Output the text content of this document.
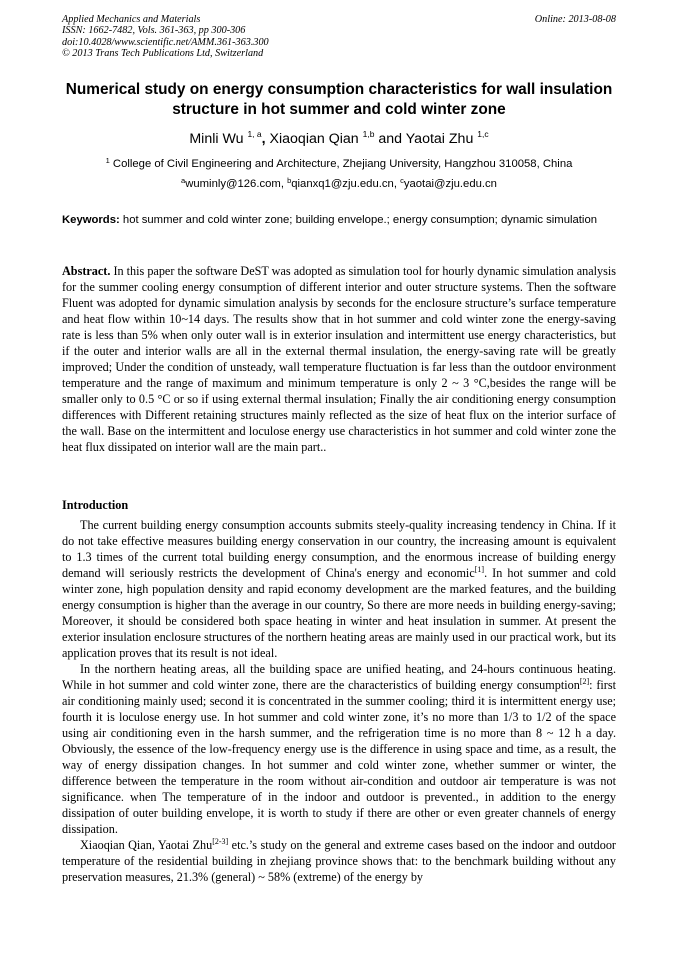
Applied Mechanics and Materials
ISSN: 1662-7482, Vols. 361-363, pp 300-306
doi:10.4028/www.scientific.net/AMM.361-363.300
© 2013 Trans Tech Publications Ltd, Switzerland
Online: 2013-08-08
Numerical study on energy consumption characteristics for wall insulation structure in hot summer and cold winter zone
Minli Wu $^{1, a}$, Xiaoqian Qian $^{1,b}$ and Yaotai Zhu $^{1,c}$
$^1$ College of Civil Engineering and Architecture, Zhejiang University, Hangzhou 310058, China
$^a$wuminly@126.com, $^b$qianxq1@zju.edu.cn, $^c$yaotai@zju.edu.cn
Keywords: hot summer and cold winter zone; building envelope.; energy consumption; dynamic simulation
Abstract. In this paper the software DeST was adopted as simulation tool for hourly dynamic simulation analysis for the summer cooling energy consumption of different interior and outer structure systems. Then the software Fluent was adopted for dynamic simulation analysis by seconds for the enclosure structure’s surface temperature and heat flow within 10~14 days. The results show that in hot summer and cold winter zone the energy-saving rate is less than 5% when only outer wall is in exterior insulation and intermittent use energy characteristics, but if the outer and interior walls are all in the external thermal insulation, the energy-saving rate will be greatly improved; Under the condition of unsteady, wall temperature fluctuation is far less than the outdoor environment temperature and the range of maximum and minimum temperature is only 2 ~ 3 °C,besides the range will be smaller only to 0.5 °C or so if using external thermal insulation; Finally the air conditioning energy consumption differences with Different retaining structures mainly reflected as the size of heat flux on the interior surface of the wall. Base on the intermittent and loculose energy use characteristics in hot summer and cold winter zone the heat flux dissipated on interior wall are the main part..
Introduction

The current building energy consumption accounts submits steely-quality increasing tendency in China. If it do not take effective measures building energy conservation in our country, the increasing amount is equivalent to 1.3 times of the current total building energy consumption, and the enormous increase of building energy demand will seriously restricts the development of China's energy and economic[1]. In hot summer and cold winter zone, high population density and rapid economy development are the marked features, and the building energy consumption is higher than the average in our country, So there are more needs in building energy-saving; Moreover, it should be considered both space heating in winter and heat insulation in summer. At present the exterior insulation enclosure structures of the northern heating areas are mainly used in our practical work, but its application proves that its result is not ideal.

In the northern heating areas, all the building space are unified heating, and 24-hours continuous heating. While in hot summer and cold winter zone, there are the characteristics of building energy consumption[2]: first air conditioning mainly used; second it is concentrated in the summer cooling; third it is intermittent energy use; fourth it is loculose energy use. In hot summer and cold winter zone, it’s no more than 1/3 to 1/2 of the space using air conditioning even in the harsh summer, and the refrigeration time is no more than 8 ~ 12 h a day. Obviously, the essence of the low-frequency energy use is the difference in using space and time, as a result, the way of energy dissipation changes. In hot summer and cold winter zone, whether summer or winter, the difference between the temperature in the room without air-condition and outdoor air temperature is was not significance. when The temperature of in the indoor and outdoor is prevented., in addition to the energy dissipation of outer building envelope, it is worth to study if there are other or even greater channels of energy dissipation.

Xiaoqian Qian, Yaotai Zhu[2-3] etc.’s study on the general and extreme cases based on the indoor and outdoor temperature of the residential building in zhejiang province shows that: to the benchmark building without any preservation measures, 21.3% (general) ~ 58% (extreme) of the energy by
